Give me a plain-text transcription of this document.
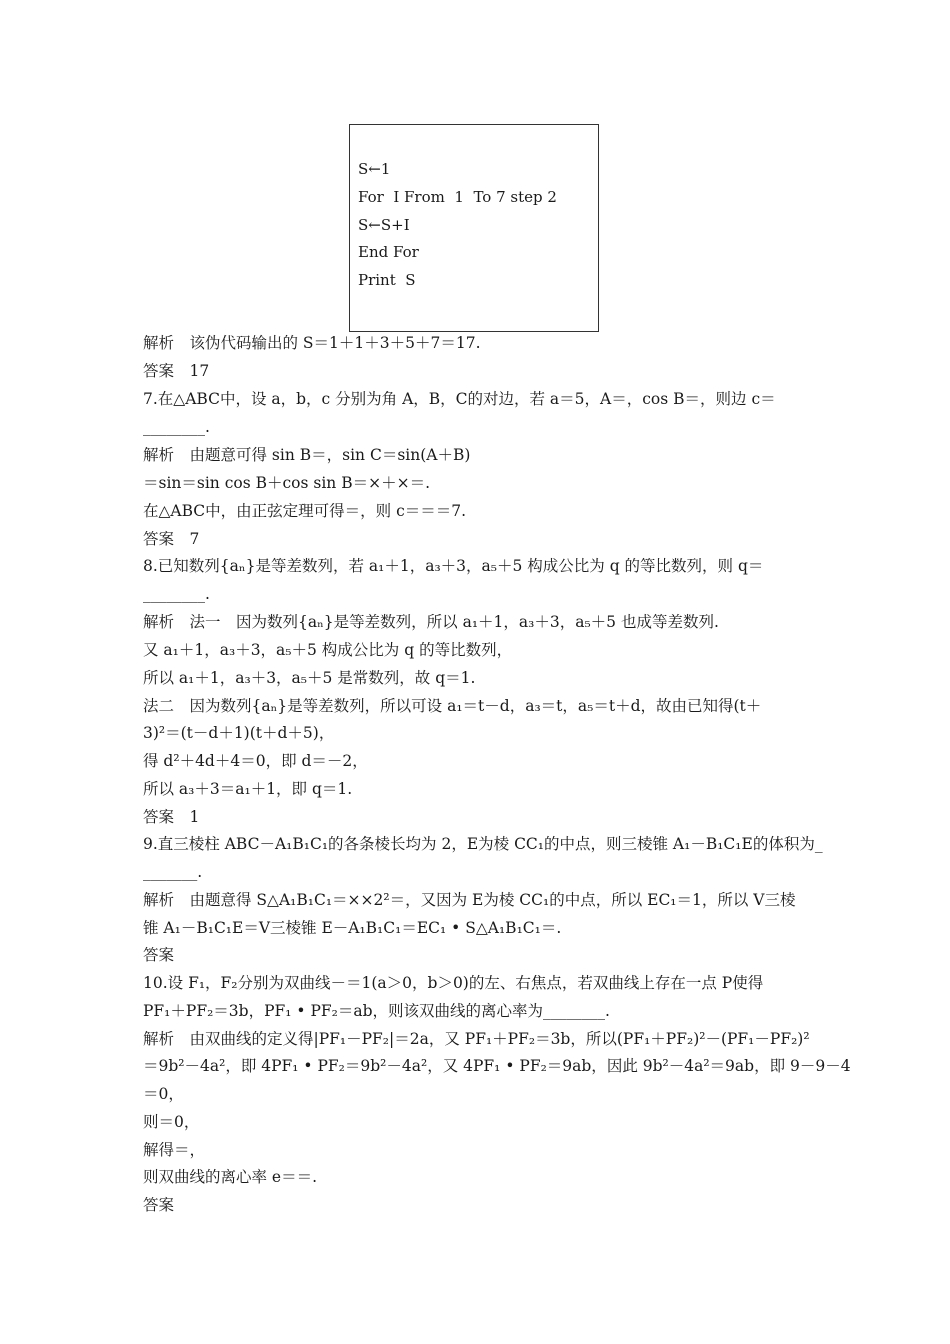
S←1
For  I From  1  To 7 step 2
S←S+I
End For
Print  S
解析　该伪代码输出的 S＝1＋1＋3＋5＋7＝17.
答案　17
7.在△ABC中，设 a，b，c 分别为角 A，B，C的对边，若 a＝5，A＝，cos B＝，则边 c＝
________.
解析　由题意可得 sin B＝，sin C＝sin(A＋B)
＝sin＝sin cos B＋cos sin B＝×＋×＝.
在△ABC中，由正弦定理可得＝，则 c＝＝＝7.
答案　7
8.已知数列{aₙ}是等差数列，若 a₁＋1，a₃＋3，a₅＋5 构成公比为 q 的等比数列，则 q＝
________.
解析　法一　因为数列{aₙ}是等差数列，所以 a₁＋1，a₃＋3，a₅＋5 也成等差数列.
又 a₁＋1，a₃＋3，a₅＋5 构成公比为 q 的等比数列，
所以 a₁＋1，a₃＋3，a₅＋5 是常数列，故 q＝1.
法二　因为数列{aₙ}是等差数列，所以可设 a₁＝t－d，a₃＝t，a₅＝t＋d，故由已知得(t＋
3)²＝(t－d＋1)(t＋d＋5)，
得 d²＋4d＋4＝0，即 d＝－2，
所以 a₃＋3＝a₁＋1，即 q＝1.
答案　1
9.直三棱柱 ABC－A₁B₁C₁的各条棱长均为 2，E为棱 CC₁的中点，则三棱锥 A₁－B₁C₁E的体积为_
_______.
解析　由题意得 S△A₁B₁C₁＝××2²＝，又因为 E为棱 CC₁的中点，所以 EC₁＝1，所以 V三棱
锥 A₁－B₁C₁E＝V三棱锥 E－A₁B₁C₁＝EC₁ • S△A₁B₁C₁＝.
答案
10.设 F₁，F₂分别为双曲线－＝1(a＞0，b＞0)的左、右焦点，若双曲线上存在一点 P使得
PF₁＋PF₂＝3b，PF₁ • PF₂＝ab，则该双曲线的离心率为________.
解析　由双曲线的定义得|PF₁－PF₂|＝2a，又 PF₁＋PF₂＝3b，所以(PF₁＋PF₂)²－(PF₁－PF₂)²
＝9b²－4a²，即 4PF₁ • PF₂＝9b²－4a²，又 4PF₁ • PF₂＝9ab，因此 9b²－4a²＝9ab，即 9－9－4
＝0，
则＝0，
解得＝，
则双曲线的离心率 e＝＝.
答案
